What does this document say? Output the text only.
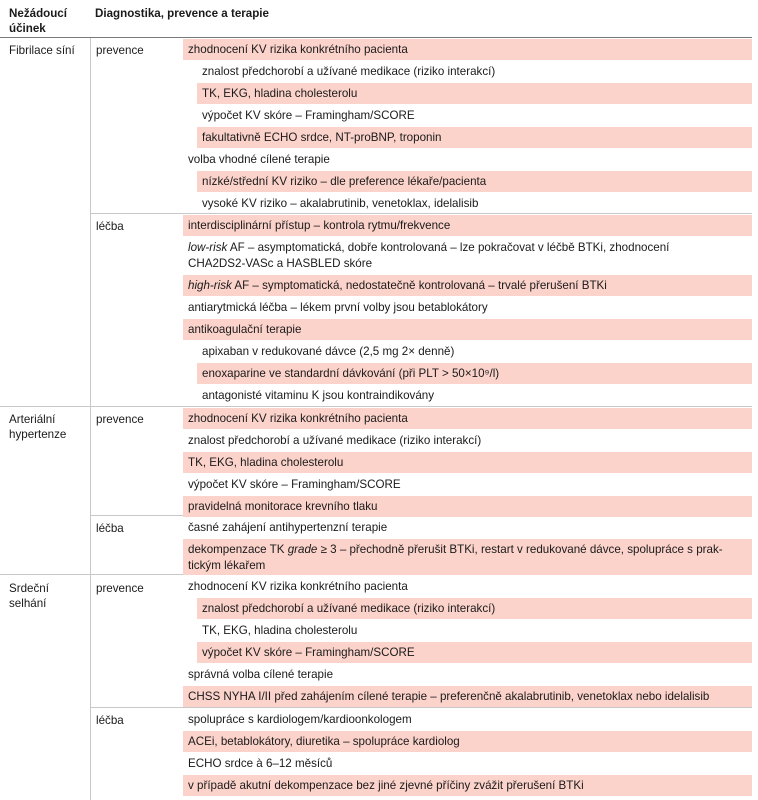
Nežádoucí účinek
Diagnostika, prevence a terapie
Fibrilace síní
Arteriální hypertenze
Srdeční selhání
prevence
léčba
prevence
léčba
prevence
léčba
zhodnocení KV rizika konkrétního pacienta
znalost předchorobí a užívané medikace (riziko interakcí)
TK, EKG, hladina cholesterolu
výpočet KV skóre – Framingham/SCORE
fakultativně ECHO srdce, NT-proBNP, troponin
volba vhodné cílené terapie
nízké/střední KV riziko – dle preference lékaře/pacienta
vysoké KV riziko – akalabrutinib, venetoklax, idelalisib
interdisciplinární přístup – kontrola rytmu/frekvence
low-risk AF – asymptomatická, dobře kontrolovaná – lze pokračovat v léčbě BTKi, zhodnocení
CHA2DS2-VASc a HASBLED skóre
high-risk AF – symptomatická, nedostatečně kontrolovaná – trvalé přerušení BTKi
antiarytmická léčba – lékem první volby jsou betablokátory
antikoagulační terapie
apixaban v redukované dávce (2,5 mg 2× denně)
enoxaparine ve standardní dávkování (při PLT > 50×10⁹/l)
antagonisté vitaminu K jsou kontraindikovány
zhodnocení KV rizika konkrétního pacienta
znalost předchorobí a užívané medikace (riziko interakcí)
TK, EKG, hladina cholesterolu
výpočet KV skóre – Framingham/SCORE
pravidelná monitorace krevního tlaku
časné zahájení antihypertenzní terapie
dekompenzace TK grade ≥ 3 – přechodně přerušit BTKi, restart v redukované dávce, spolupráce s prak-
tickým lékařem
zhodnocení KV rizika konkrétního pacienta
znalost předchorobí a užívané medikace (riziko interakcí)
TK, EKG, hladina cholesterolu
výpočet KV skóre – Framingham/SCORE
správná volba cílené terapie
CHSS NYHA I/II před zahájením cílené terapie – preferenčně akalabrutinib, venetoklax nebo idelalisib
spolupráce s kardiologem/kardioonkologem
ACEi, betablokátory, diuretika – spolupráce kardiolog
ECHO srdce à 6–12 měsíců
v případě akutní dekompenzace bez jiné zjevné příčiny zvážit přerušení BTKi
